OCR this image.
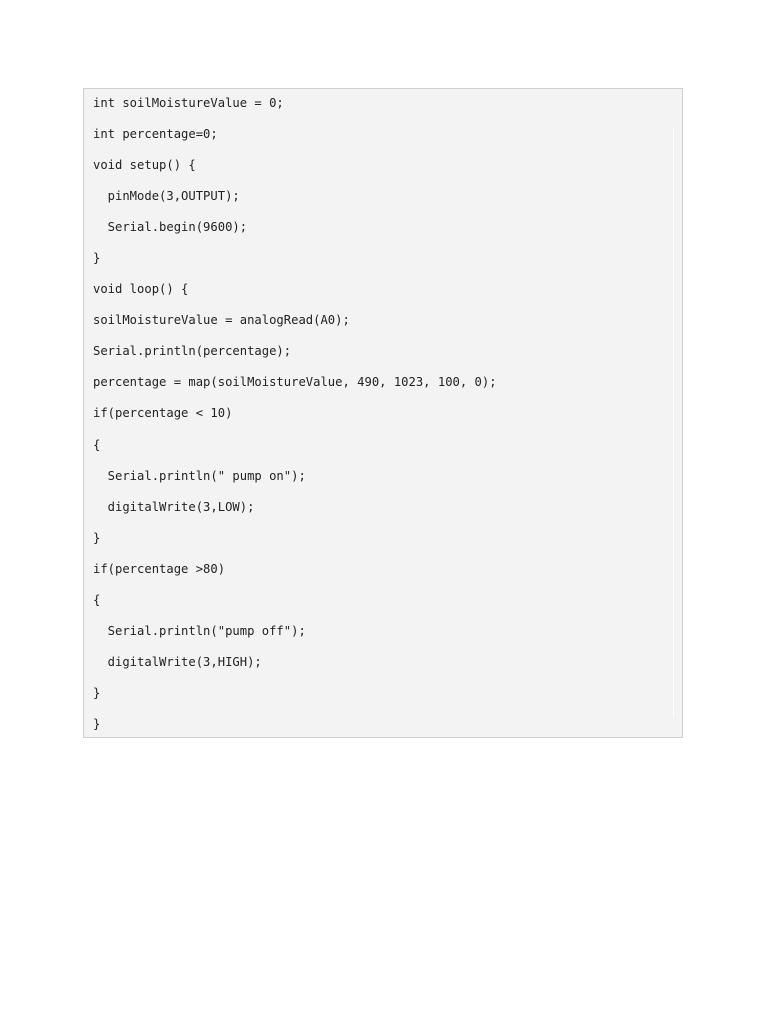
int soilMoistureValue = 0;
int percentage=0;
void setup() {
pinMode(3,OUTPUT);
Serial.begin(9600);
}
void loop() {
soilMoistureValue = analogRead(A0);
Serial.println(percentage);
percentage = map(soilMoistureValue, 490, 1023, 100, 0);
if(percentage < 10)
{
Serial.println(" pump on");
digitalWrite(3,LOW);
}
if(percentage >80)
{
Serial.println("pump off");
digitalWrite(3,HIGH);
}
}
